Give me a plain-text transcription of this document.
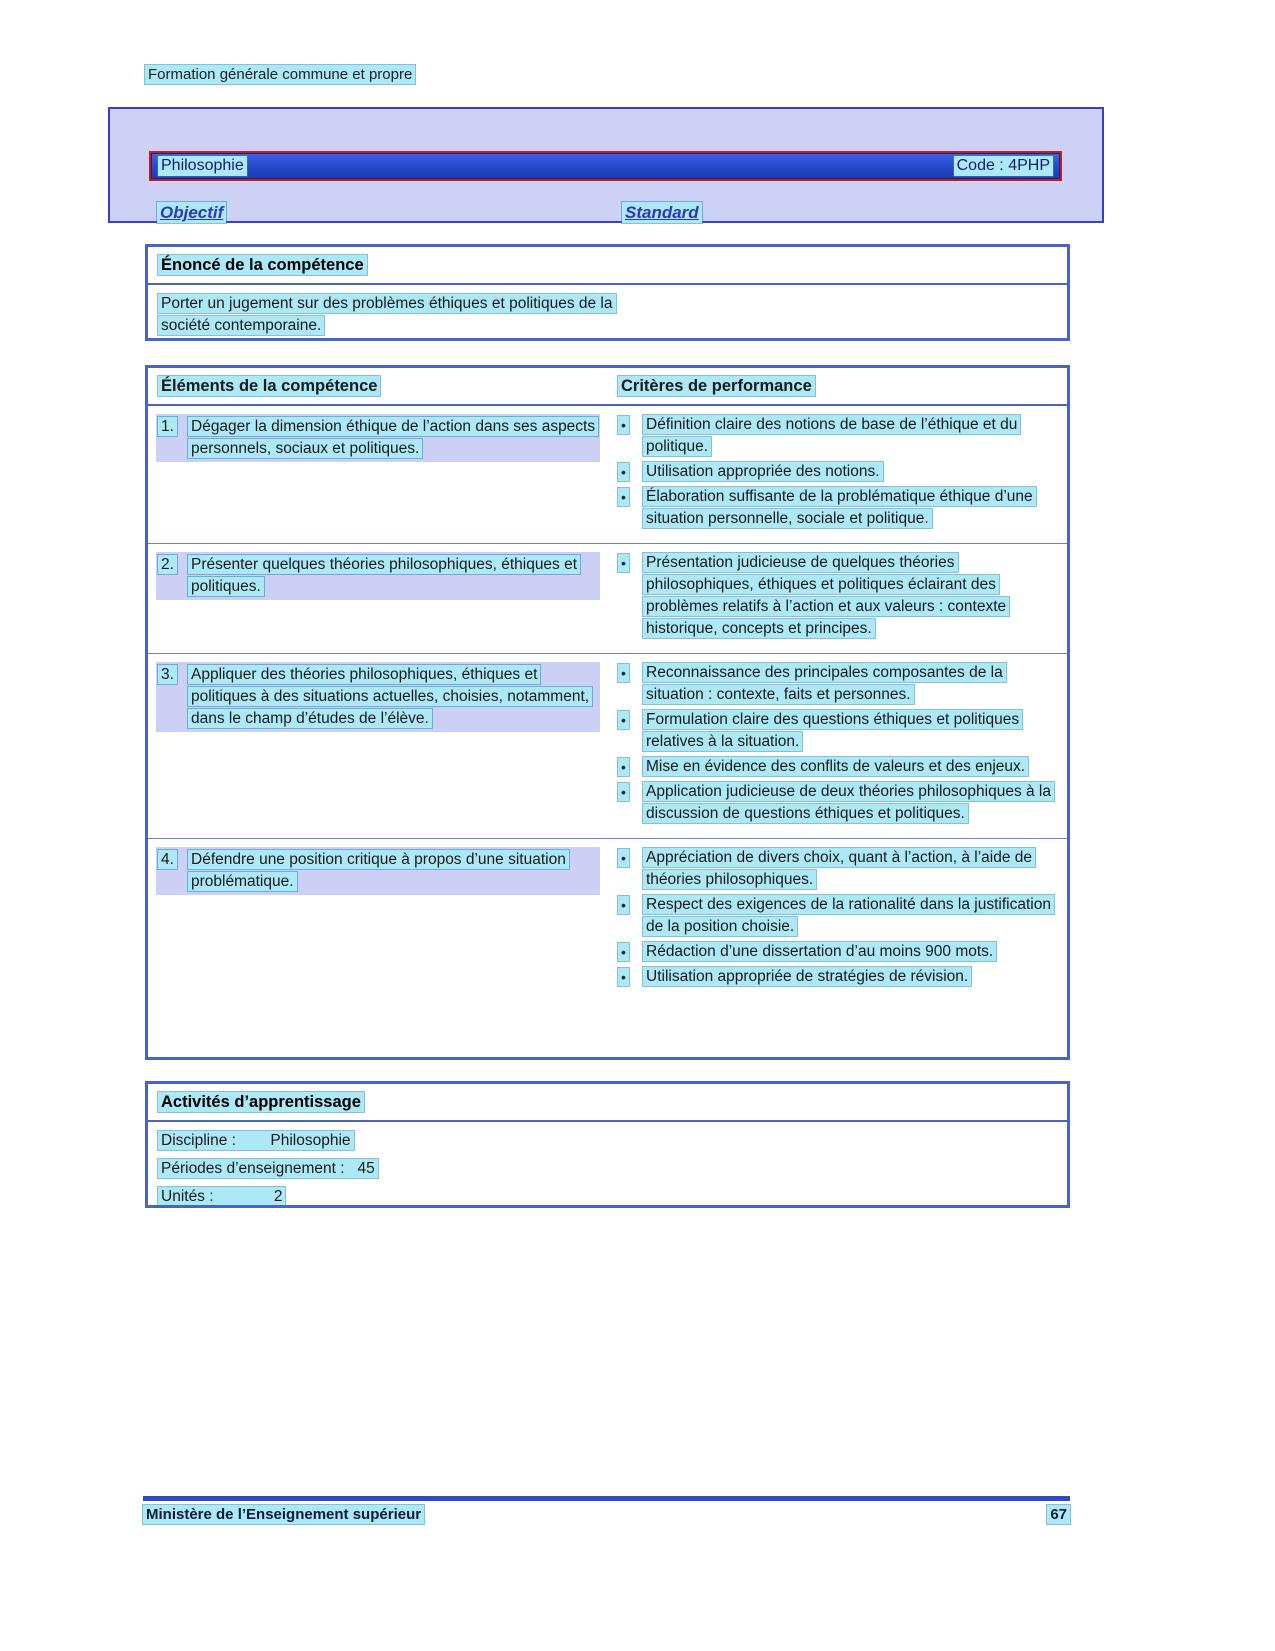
Formation générale commune et propre
Philosophie	Code : 4PHP
Objectif	Standard
Énoncé de la compétence
Porter un jugement sur des problèmes éthiques et politiques de la société contemporaine.
Éléments de la compétence	Critères de performance
1.	Dégager la dimension éthique de l’action dans ses aspects personnels, sociaux et politiques.
•	Définition claire des notions de base de l’éthique et du politique.
•	Utilisation appropriée des notions.
•	Élaboration suffisante de la problématique éthique d’une situation personnelle, sociale et politique.
2.	Présenter quelques théories philosophiques, éthiques et politiques.
•	Présentation judicieuse de quelques théories philosophiques, éthiques et politiques éclairant des problèmes relatifs à l’action et aux valeurs : contexte historique, concepts et principes.
3.	Appliquer des théories philosophiques, éthiques et politiques à des situations actuelles, choisies, notamment, dans le champ d’études de l’élève.
•	Reconnaissance des principales composantes de la situation : contexte, faits et personnes.
•	Formulation claire des questions éthiques et politiques relatives à la situation.
•	Mise en évidence des conflits de valeurs et des enjeux.
•	Application judicieuse de deux théories philosophiques à la discussion de questions éthiques et politiques.
4.	Défendre une position critique à propos d’une situation problématique.
•	Appréciation de divers choix, quant à l’action, à l’aide de théories philosophiques.
•	Respect des exigences de la rationalité dans la justification de la position choisie.
•	Rédaction d’une dissertation d’au moins 900 mots.
•	Utilisation appropriée de stratégies de révision.
Activités d’apprentissage
Discipline :        Philosophie
Périodes d’enseignement :   45
Unités :              2
Ministère de l’Enseignement supérieur	67
